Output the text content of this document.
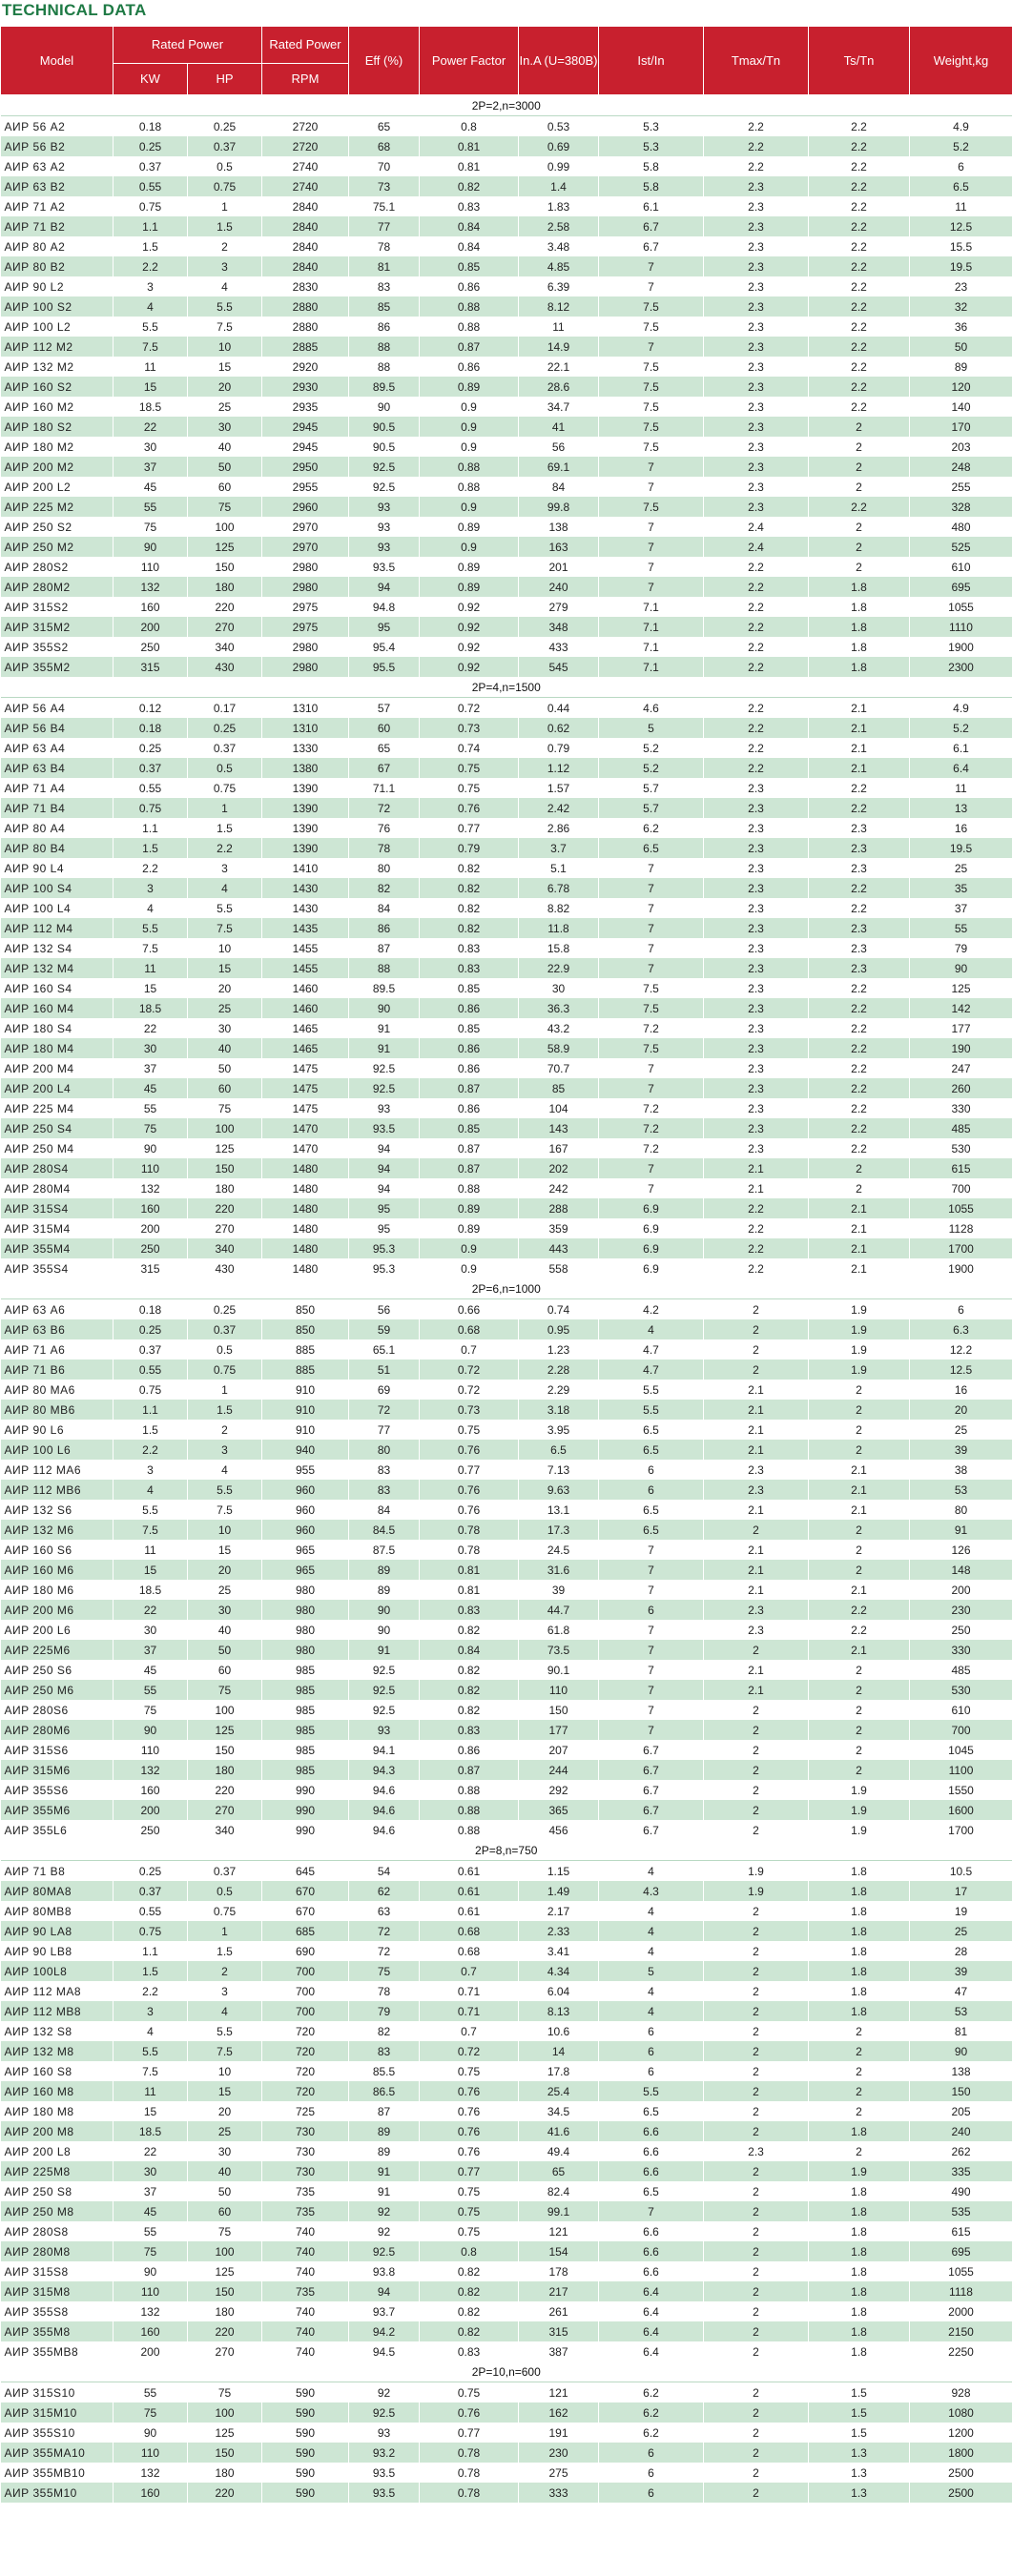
TECHNICAL DATA
Model	Rated Power		Rated Power	Eff (%)	Power Factor	In.A (U=380B)	Ist/In	Tmax/Tn	Ts/Tn	Weight,kg
	KW	HP	RPM							
2P=2,n=3000										
АИР 56 А2	0.18	0.25	2720	65	0.8	0.53	5.3	2.2	2.2	4.9
АИР 56 В2	0.25	0.37	2720	68	0.81	0.69	5.3	2.2	2.2	5.2
АИР 63 А2	0.37	0.5	2740	70	0.81	0.99	5.8	2.2	2.2	6
АИР 63 В2	0.55	0.75	2740	73	0.82	1.4	5.8	2.3	2.2	6.5
АИР 71 А2	0.75	1	2840	75.1	0.83	1.83	6.1	2.3	2.2	11
АИР 71 В2	1.1	1.5	2840	77	0.84	2.58	6.7	2.3	2.2	12.5
АИР 80 А2	1.5	2	2840	78	0.84	3.48	6.7	2.3	2.2	15.5
АИР 80 В2	2.2	3	2840	81	0.85	4.85	7	2.3	2.2	19.5
АИР 90 L2	3	4	2830	83	0.86	6.39	7	2.3	2.2	23
АИР 100 S2	4	5.5	2880	85	0.88	8.12	7.5	2.3	2.2	32
АИР 100 L2	5.5	7.5	2880	86	0.88	11	7.5	2.3	2.2	36
АИР 112 М2	7.5	10	2885	88	0.87	14.9	7	2.3	2.2	50
АИР 132 М2	11	15	2920	88	0.86	22.1	7.5	2.3	2.2	89
АИР 160 S2	15	20	2930	89.5	0.89	28.6	7.5	2.3	2.2	120
АИР 160 М2	18.5	25	2935	90	0.9	34.7	7.5	2.3	2.2	140
АИР 180 S2	22	30	2945	90.5	0.9	41	7.5	2.3	2	170
АИР 180 М2	30	40	2945	90.5	0.9	56	7.5	2.3	2	203
АИР 200 М2	37	50	2950	92.5	0.88	69.1	7	2.3	2	248
АИР 200 L2	45	60	2955	92.5	0.88	84	7	2.3	2	255
АИР 225 М2	55	75	2960	93	0.9	99.8	7.5	2.3	2.2	328
АИР 250 S2	75	100	2970	93	0.89	138	7	2.4	2	480
АИР 250 М2	90	125	2970	93	0.9	163	7	2.4	2	525
АИР 280S2	110	150	2980	93.5	0.89	201	7	2.2	2	610
АИР 280М2	132	180	2980	94	0.89	240	7	2.2	1.8	695
АИР 315S2	160	220	2975	94.8	0.92	279	7.1	2.2	1.8	1055
АИР 315М2	200	270	2975	95	0.92	348	7.1	2.2	1.8	1110
АИР 355S2	250	340	2980	95.4	0.92	433	7.1	2.2	1.8	1900
АИР 355М2	315	430	2980	95.5	0.92	545	7.1	2.2	1.8	2300
2P=4,n=1500										
АИР 56 А4	0.12	0.17	1310	57	0.72	0.44	4.6	2.2	2.1	4.9
АИР 56 В4	0.18	0.25	1310	60	0.73	0.62	5	2.2	2.1	5.2
АИР 63 А4	0.25	0.37	1330	65	0.74	0.79	5.2	2.2	2.1	6.1
АИР 63 В4	0.37	0.5	1380	67	0.75	1.12	5.2	2.2	2.1	6.4
АИР 71 А4	0.55	0.75	1390	71.1	0.75	1.57	5.7	2.3	2.2	11
АИР 71 В4	0.75	1	1390	72	0.76	2.42	5.7	2.3	2.2	13
АИР 80 А4	1.1	1.5	1390	76	0.77	2.86	6.2	2.3	2.3	16
АИР 80 В4	1.5	2.2	1390	78	0.79	3.7	6.5	2.3	2.3	19.5
АИР 90 L4	2.2	3	1410	80	0.82	5.1	7	2.3	2.3	25
АИР 100 S4	3	4	1430	82	0.82	6.78	7	2.3	2.2	35
АИР 100 L4	4	5.5	1430	84	0.82	8.82	7	2.3	2.2	37
АИР 112 М4	5.5	7.5	1435	86	0.82	11.8	7	2.3	2.3	55
АИР 132 S4	7.5	10	1455	87	0.83	15.8	7	2.3	2.3	79
АИР 132 М4	11	15	1455	88	0.83	22.9	7	2.3	2.3	90
АИР 160 S4	15	20	1460	89.5	0.85	30	7.5	2.3	2.2	125
АИР 160 М4	18.5	25	1460	90	0.86	36.3	7.5	2.3	2.2	142
АИР 180 S4	22	30	1465	91	0.85	43.2	7.2	2.3	2.2	177
АИР 180 М4	30	40	1465	91	0.86	58.9	7.5	2.3	2.2	190
АИР 200 М4	37	50	1475	92.5	0.86	70.7	7	2.3	2.2	247
АИР 200 L4	45	60	1475	92.5	0.87	85	7	2.3	2.2	260
АИР 225 М4	55	75	1475	93	0.86	104	7.2	2.3	2.2	330
АИР 250 S4	75	100	1470	93.5	0.85	143	7.2	2.3	2.2	485
АИР 250 М4	90	125	1470	94	0.87	167	7.2	2.3	2.2	530
АИР 280S4	110	150	1480	94	0.87	202	7	2.1	2	615
АИР 280М4	132	180	1480	94	0.88	242	7	2.1	2	700
АИР 315S4	160	220	1480	95	0.89	288	6.9	2.2	2.1	1055
АИР 315М4	200	270	1480	95	0.89	359	6.9	2.2	2.1	1128
АИР 355М4	250	340	1480	95.3	0.9	443	6.9	2.2	2.1	1700
АИР 355S4	315	430	1480	95.3	0.9	558	6.9	2.2	2.1	1900
2P=6,n=1000										
АИР 63 А6	0.18	0.25	850	56	0.66	0.74	4.2	2	1.9	6
АИР 63 В6	0.25	0.37	850	59	0.68	0.95	4	2	1.9	6.3
АИР 71 А6	0.37	0.5	885	65.1	0.7	1.23	4.7	2	1.9	12.2
АИР 71 В6	0.55	0.75	885	51	0.72	2.28	4.7	2	1.9	12.5
АИР 80 МА6	0.75	1	910	69	0.72	2.29	5.5	2.1	2	16
АИР 80 МВ6	1.1	1.5	910	72	0.73	3.18	5.5	2.1	2	20
АИР 90 L6	1.5	2	910	77	0.75	3.95	6.5	2.1	2	25
АИР 100 L6	2.2	3	940	80	0.76	6.5	6.5	2.1	2	39
АИР 112 МА6	3	4	955	83	0.77	7.13	6	2.3	2.1	38
АИР 112 МВ6	4	5.5	960	83	0.76	9.63	6	2.3	2.1	53
АИР 132 S6	5.5	7.5	960	84	0.76	13.1	6.5	2.1	2.1	80
АИР 132 М6	7.5	10	960	84.5	0.78	17.3	6.5	2	2	91
АИР 160 S6	11	15	965	87.5	0.78	24.5	7	2.1	2	126
АИР 160 М6	15	20	965	89	0.81	31.6	7	2.1	2	148
АИР 180 М6	18.5	25	980	89	0.81	39	7	2.1	2.1	200
АИР 200 М6	22	30	980	90	0.83	44.7	6	2.3	2.2	230
АИР 200 L6	30	40	980	90	0.82	61.8	7	2.3	2.2	250
АИР 225М6	37	50	980	91	0.84	73.5	7	2	2.1	330
АИР 250 S6	45	60	985	92.5	0.82	90.1	7	2.1	2	485
АИР 250 М6	55	75	985	92.5	0.82	110	7	2.1	2	530
АИР 280S6	75	100	985	92.5	0.82	150	7	2	2	610
АИР 280М6	90	125	985	93	0.83	177	7	2	2	700
АИР 315S6	110	150	985	94.1	0.86	207	6.7	2	2	1045
АИР 315М6	132	180	985	94.3	0.87	244	6.7	2	2	1100
АИР 355S6	160	220	990	94.6	0.88	292	6.7	2	1.9	1550
АИР 355М6	200	270	990	94.6	0.88	365	6.7	2	1.9	1600
АИР 355L6	250	340	990	94.6	0.88	456	6.7	2	1.9	1700
2P=8,n=750										
АИР 71 В8	0.25	0.37	645	54	0.61	1.15	4	1.9	1.8	10.5
АИР 80МА8	0.37	0.5	670	62	0.61	1.49	4.3	1.9	1.8	17
АИР 80МВ8	0.55	0.75	670	63	0.61	2.17	4	2	1.8	19
АИР 90 LA8	0.75	1	685	72	0.68	2.33	4	2	1.8	25
АИР 90 LB8	1.1	1.5	690	72	0.68	3.41	4	2	1.8	28
АИР 100L8	1.5	2	700	75	0.7	4.34	5	2	1.8	39
АИР 112 МА8	2.2	3	700	78	0.71	6.04	4	2	1.8	47
АИР 112 МВ8	3	4	700	79	0.71	8.13	4	2	1.8	53
АИР 132 S8	4	5.5	720	82	0.7	10.6	6	2	2	81
АИР 132 М8	5.5	7.5	720	83	0.72	14	6	2	2	90
АИР 160 S8	7.5	10	720	85.5	0.75	17.8	6	2	2	138
АИР 160 М8	11	15	720	86.5	0.76	25.4	5.5	2	2	150
АИР 180 М8	15	20	725	87	0.76	34.5	6.5	2	2	205
АИР 200 М8	18.5	25	730	89	0.76	41.6	6.6	2	1.8	240
АИР 200 L8	22	30	730	89	0.76	49.4	6.6	2.3	2	262
АИР 225М8	30	40	730	91	0.77	65	6.6	2	1.9	335
АИР 250 S8	37	50	735	91	0.75	82.4	6.5	2	1.8	490
АИР 250 М8	45	60	735	92	0.75	99.1	7	2	1.8	535
АИР 280S8	55	75	740	92	0.75	121	6.6	2	1.8	615
АИР 280М8	75	100	740	92.5	0.8	154	6.6	2	1.8	695
АИР 315S8	90	125	740	93.8	0.82	178	6.6	2	1.8	1055
АИР 315М8	110	150	735	94	0.82	217	6.4	2	1.8	1118
АИР 355S8	132	180	740	93.7	0.82	261	6.4	2	1.8	2000
АИР 355М8	160	220	740	94.2	0.82	315	6.4	2	1.8	2150
АИР 355МВ8	200	270	740	94.5	0.83	387	6.4	2	1.8	2250
2P=10,n=600										
АИР 315S10	55	75	590	92	0.75	121	6.2	2	1.5	928
АИР 315М10	75	100	590	92.5	0.76	162	6.2	2	1.5	1080
АИР 355S10	90	125	590	93	0.77	191	6.2	2	1.5	1200
АИР 355МА10	110	150	590	93.2	0.78	230	6	2	1.3	1800
АИР 355МВ10	132	180	590	93.5	0.78	275	6	2	1.3	2500
АИР 355М10	160	220	590	93.5	0.78	333	6	2	1.3	2500
